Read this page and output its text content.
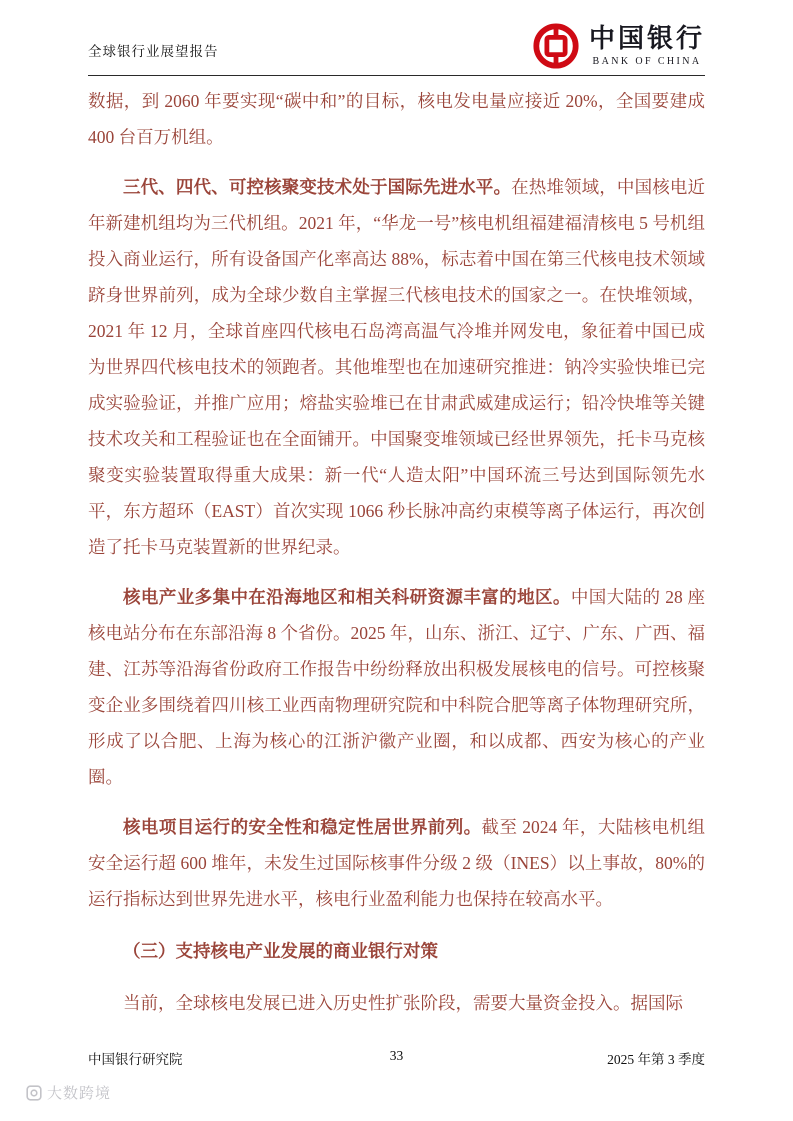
全球银行业展望报告	中国银行
BANK OF CHINA

数据，到 2060 年要实现“碳中和”的目标，核电发电量应接近 20%，全国要建成 400 台百万机组。

三代、四代、可控核聚变技术处于国际先进水平。在热堆领域，中国核电近年新建机组均为三代机组。2021 年，“华龙一号”核电机组福建福清核电 5 号机组投入商业运行，所有设备国产化率高达 88%，标志着中国在第三代核电技术领域跻身世界前列，成为全球少数自主掌握三代核电技术的国家之一。在快堆领域，2021 年 12 月，全球首座四代核电石岛湾高温气冷堆并网发电，象征着中国已成为世界四代核电技术的领跑者。其他堆型也在加速研究推进：钠冷实验快堆已完成实验验证，并推广应用；熔盐实验堆已在甘肃武威建成运行；铅冷快堆等关键技术攻关和工程验证也在全面铺开。中国聚变堆领域已经世界领先，托卡马克核聚变实验装置取得重大成果：新一代“人造太阳”中国环流三号达到国际领先水平，东方超环（EAST）首次实现 1066 秒长脉冲高约束模等离子体运行，再次创造了托卡马克装置新的世界纪录。

核电产业多集中在沿海地区和相关科研资源丰富的地区。中国大陆的 28 座核电站分布在东部沿海 8 个省份。2025 年，山东、浙江、辽宁、广东、广西、福建、江苏等沿海省份政府工作报告中纷纷释放出积极发展核电的信号。可控核聚变企业多围绕着四川核工业西南物理研究院和中科院合肥等离子体物理研究所，形成了以合肥、上海为核心的江浙沪徽产业圈，和以成都、西安为核心的产业圈。

核电项目运行的安全性和稳定性居世界前列。截至 2024 年，大陆核电机组安全运行超 600 堆年，未发生过国际核事件分级 2 级（INES）以上事故，80%的运行指标达到世界先进水平，核电行业盈利能力也保持在较高水平。

（三）支持核电产业发展的商业银行对策

当前，全球核电发展已进入历史性扩张阶段，需要大量资金投入。据国际

中国银行研究院	33	2025 年第 3 季度
大数跨境
